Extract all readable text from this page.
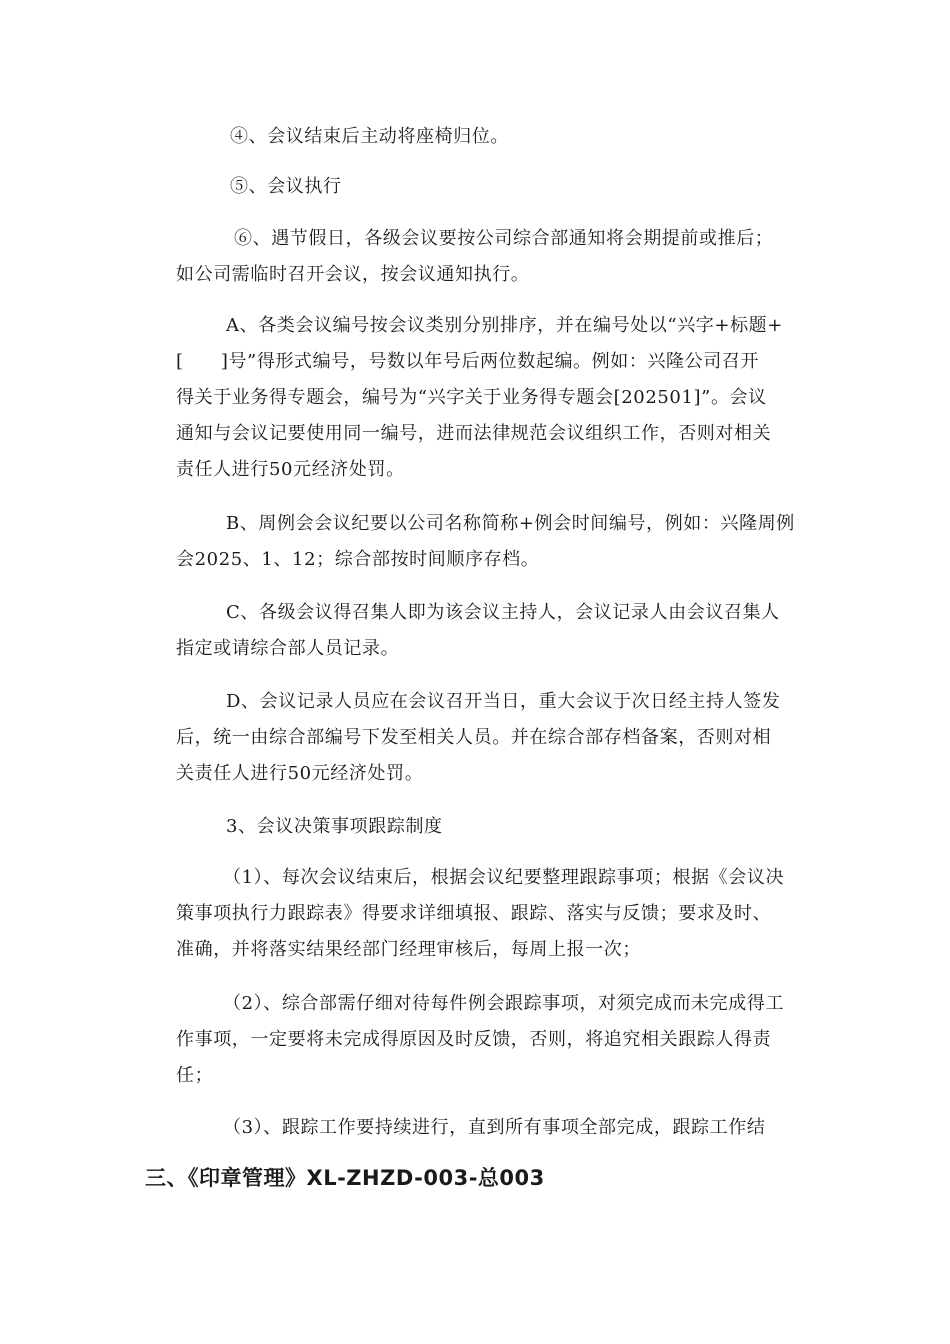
④、会议结束后主动将座椅归位。
⑤、会议执行
⑥、遇节假日，各级会议要按公司综合部通知将会期提前或推后；
如公司需临时召开会议，按会议通知执行。
A、各类会议编号按会议类别分别排序，并在编号处以“兴字+标题+
[　　]号”得形式编号，号数以年号后两位数起编。例如：兴隆公司召开
得关于业务得专题会，编号为“兴字关于业务得专题会[202501]”。会议
通知与会议记要使用同一编号，进而法律规范会议组织工作，否则对相关
责任人进行50元经济处罚。
B、周例会会议纪要以公司名称简称+例会时间编号，例如：兴隆周例
会2025、1、12；综合部按时间顺序存档。
C、各级会议得召集人即为该会议主持人，会议记录人由会议召集人
指定或请综合部人员记录。
D、会议记录人员应在会议召开当日，重大会议于次日经主持人签发
后，统一由综合部编号下发至相关人员。并在综合部存档备案，否则对相
关责任人进行50元经济处罚。
3、会议决策事项跟踪制度
（1）、每次会议结束后，根据会议纪要整理跟踪事项；根据《会议决
策事项执行力跟踪表》得要求详细填报、跟踪、落实与反馈；要求及时、
准确，并将落实结果经部门经理审核后，每周上报一次；
（2）、综合部需仔细对待每件例会跟踪事项，对须完成而未完成得工
作事项，一定要将未完成得原因及时反馈，否则，将追究相关跟踪人得责
任；
（3）、跟踪工作要持续进行，直到所有事项全部完成，跟踪工作结
三、《印章管理》XL-ZHZD-003-总003
